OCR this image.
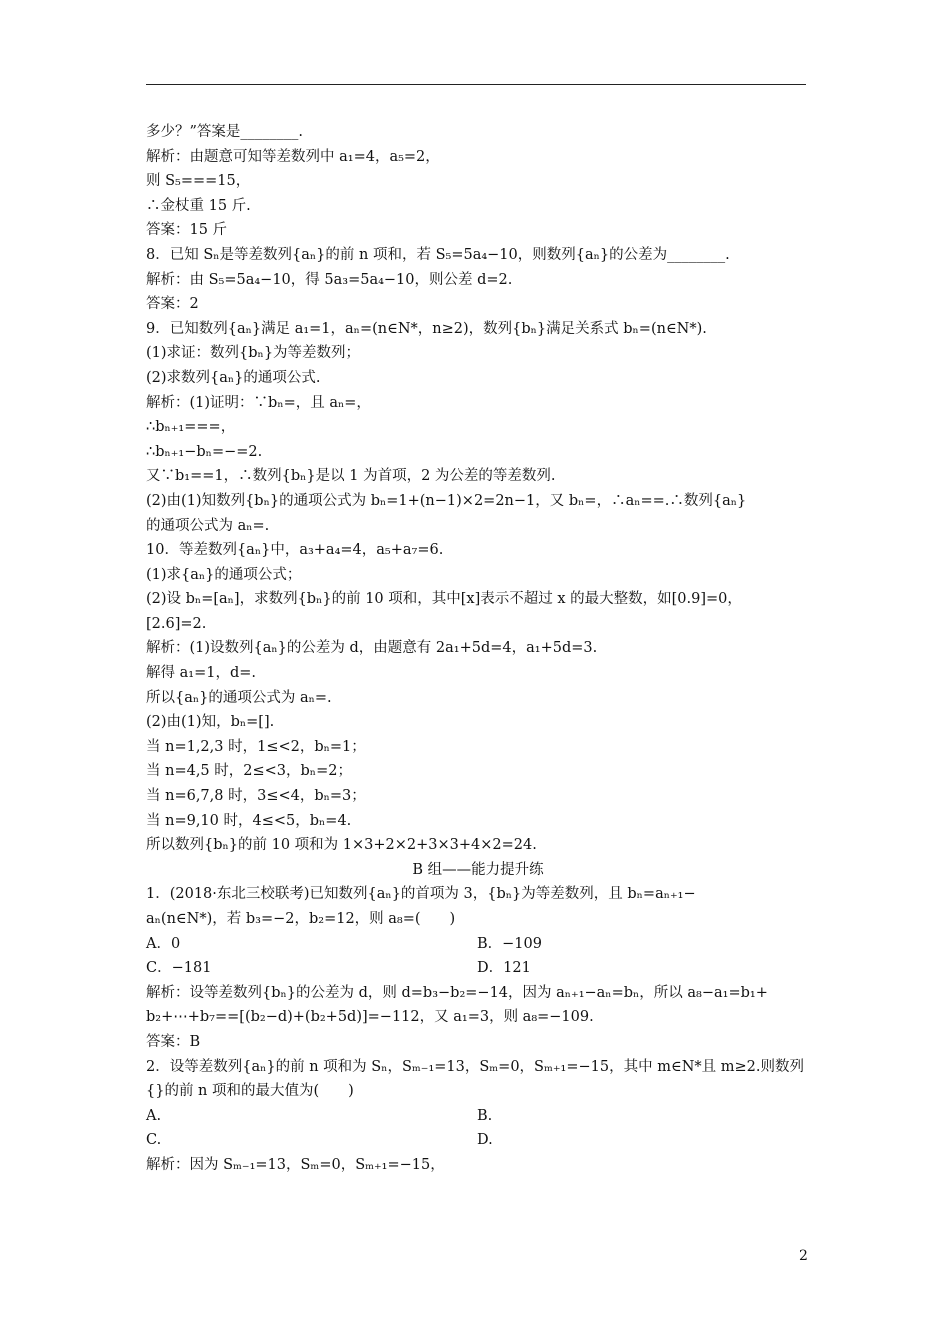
多少？”答案是________.
解析：由题意可知等差数列中 a₁=4，a₅=2，
则 S₅===15，
∴金杖重 15 斤.
答案：15 斤
8．已知 Sₙ是等差数列{aₙ}的前 n 项和，若 S₅=5a₄−10，则数列{aₙ}的公差为________.
解析：由 S₅=5a₄−10，得 5a₃=5a₄−10，则公差 d=2.
答案：2
9．已知数列{aₙ}满足 a₁=1，aₙ=(n∈N*，n≥2)，数列{bₙ}满足关系式 bₙ=(n∈N*).
(1)求证：数列{bₙ}为等差数列；
(2)求数列{aₙ}的通项公式.
解析：(1)证明：∵bₙ=，且 aₙ=，
∴bₙ₊₁===，
∴bₙ₊₁−bₙ=−=2.
又∵b₁==1，∴数列{bₙ}是以 1 为首项，2 为公差的等差数列.
(2)由(1)知数列{bₙ}的通项公式为 bₙ=1+(n−1)×2=2n−1，又 bₙ=，∴aₙ==.∴数列{aₙ}
的通项公式为 aₙ=.
10．等差数列{aₙ}中，a₃+a₄=4，a₅+a₇=6.
(1)求{aₙ}的通项公式；
(2)设 bₙ=[aₙ]，求数列{bₙ}的前 10 项和，其中[x]表示不超过 x 的最大整数，如[0.9]=0，
[2.6]=2.
解析：(1)设数列{aₙ}的公差为 d，由题意有 2a₁+5d=4，a₁+5d=3.
解得 a₁=1，d=.
所以{aₙ}的通项公式为 aₙ=.
(2)由(1)知，bₙ=[].
当 n=1,2,3 时，1≤<2，bₙ=1；
当 n=4,5 时，2≤<3，bₙ=2；
当 n=6,7,8 时，3≤<4，bₙ=3；
当 n=9,10 时，4≤<5，bₙ=4.
所以数列{bₙ}的前 10 项和为 1×3+2×2+3×3+4×2=24.
B 组——能力提升练
1．(2018·东北三校联考)已知数列{aₙ}的首项为 3，{bₙ}为等差数列，且 bₙ=aₙ₊₁−
aₙ(n∈N*)，若 b₃=−2，b₂=12，则 a₈=(　　)
A．0	B．−109
C．−181	D．121
解析：设等差数列{bₙ}的公差为 d，则 d=b₃−b₂=−14，因为 aₙ₊₁−aₙ=bₙ，所以 a₈−a₁=b₁+
b₂+⋯+b₇==[(b₂−d)+(b₂+5d)]=−112，又 a₁=3，则 a₈=−109.
答案：B
2．设等差数列{aₙ}的前 n 项和为 Sₙ，Sₘ₋₁=13，Sₘ=0，Sₘ₊₁=−15，其中 m∈N*且 m≥2.则数列
{}的前 n 项和的最大值为(　　)
A.	B.
C.	D.
解析：因为 Sₘ₋₁=13，Sₘ=0，Sₘ₊₁=−15，
2
